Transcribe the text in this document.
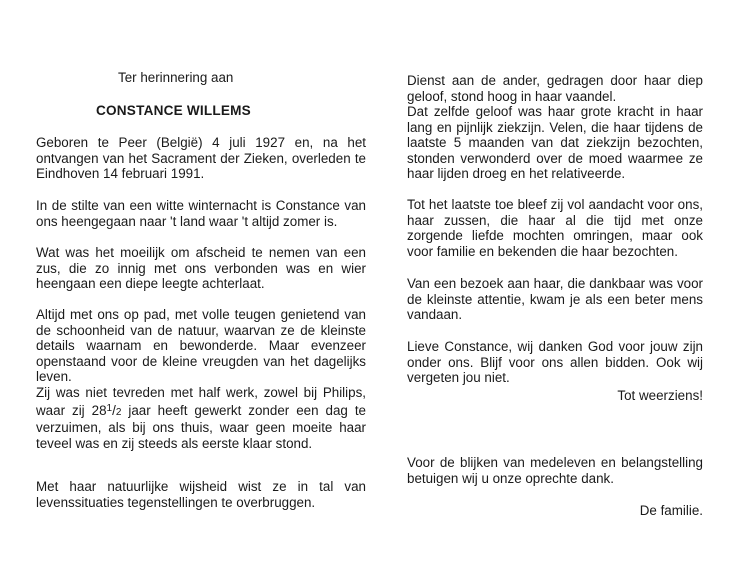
Ter herinnering aan
CONSTANCE WILLEMS

Geboren te Peer (België) 4 juli 1927 en, na het ontvangen van het Sacrament der Zieken, overleden te Eindhoven 14 februari 1991.

In de stilte van een witte winternacht is Constance van ons heengegaan naar 't land waar 't altijd zomer is.

Wat was het moeilijk om afscheid te nemen van een zus, die zo innig met ons verbonden was en wier heengaan een diepe leegte achterlaat.

Altijd met ons op pad, met volle teugen genietend van de schoonheid van de natuur, waarvan ze de kleinste details waarnam en bewonderde. Maar evenzeer openstaand voor de kleine vreugden van het dagelijks leven.

Zij was niet tevreden met half werk, zowel bij Philips, waar zij $28^1/2$ jaar heeft gewerkt zonder een dag te verzuimen, als bij ons thuis, waar geen moeite haar teveel was en zij steeds als eerste klaar stond.

Met haar natuurlijke wijsheid wist ze in tal van levenssituaties tegenstellingen te overbruggen.

Dienst aan de ander, gedragen door haar diep geloof, stond hoog in haar vaandel.

Dat zelfde geloof was haar grote kracht in haar lang en pijnlijk ziekzijn. Velen, die haar tijdens de laatste 5 maanden van dat ziekzijn bezochten, stonden verwonderd over de moed waarmee ze haar lijden droeg en het relativeerde.

Tot het laatste toe bleef zij vol aandacht voor ons, haar zussen, die haar al die tijd met onze zorgende liefde mochten omringen, maar ook voor familie en bekenden die haar bezochten.

Van een bezoek aan haar, die dankbaar was voor de kleinste attentie, kwam je als een beter mens vandaan.

Lieve Constance, wij danken God voor jouw zijn onder ons. Blijf voor ons allen bidden. Ook wij vergeten jou niet.

Tot weerziens!

Voor de blijken van medeleven en belangstelling betuigen wij u onze oprechte dank.

De familie.
